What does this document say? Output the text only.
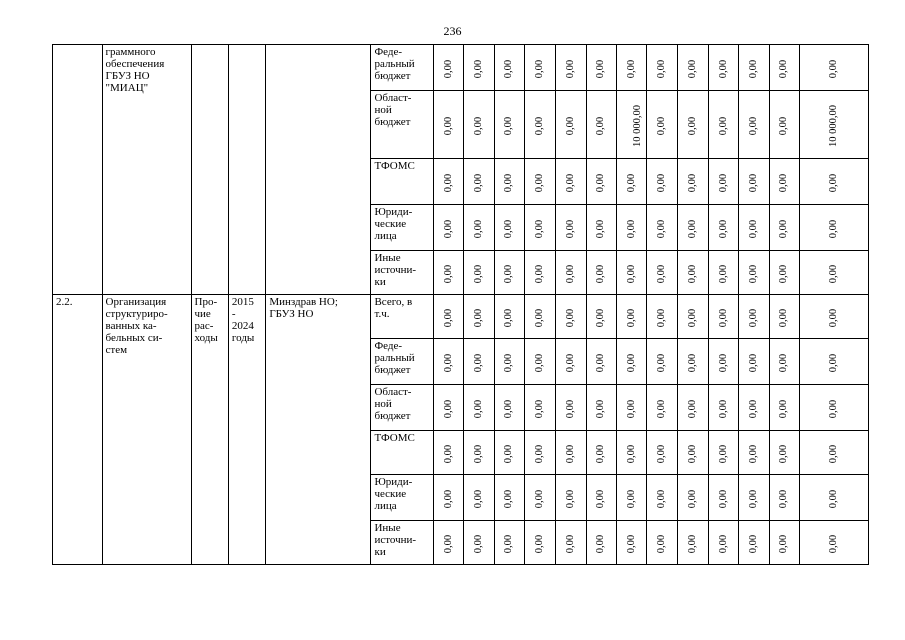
236
	граммного
обеспечения
ГБУЗ НО
"МИАЦ"				Феде-
ральный
бюджет	0,00	0,00	0,00	0,00	0,00	0,00	0,00	0,00	0,00	0,00	0,00	0,00	0,00
					Област-
ной
бюджет	0,00	0,00	0,00	0,00	0,00	0,00	10 000,00	0,00	0,00	0,00	0,00	0,00	10 000,00
					ТФОМС	0,00	0,00	0,00	0,00	0,00	0,00	0,00	0,00	0,00	0,00	0,00	0,00	0,00
					Юриди-
ческие
лица	0,00	0,00	0,00	0,00	0,00	0,00	0,00	0,00	0,00	0,00	0,00	0,00	0,00
					Иные
источни-
ки	0,00	0,00	0,00	0,00	0,00	0,00	0,00	0,00	0,00	0,00	0,00	0,00	0,00
2.2.	Организация
структуриро-
ванных ка-
бельных си-
стем	Про-
чие
рас-
ходы	2015
-
2024
годы	Минздрав НО;
ГБУЗ НО	Всего, в
т.ч.	0,00	0,00	0,00	0,00	0,00	0,00	0,00	0,00	0,00	0,00	0,00	0,00	0,00
					Феде-
ральный
бюджет	0,00	0,00	0,00	0,00	0,00	0,00	0,00	0,00	0,00	0,00	0,00	0,00	0,00
					Област-
ной
бюджет	0,00	0,00	0,00	0,00	0,00	0,00	0,00	0,00	0,00	0,00	0,00	0,00	0,00
					ТФОМС	0,00	0,00	0,00	0,00	0,00	0,00	0,00	0,00	0,00	0,00	0,00	0,00	0,00
					Юриди-
ческие
лица	0,00	0,00	0,00	0,00	0,00	0,00	0,00	0,00	0,00	0,00	0,00	0,00	0,00
					Иные
источни-
ки	0,00	0,00	0,00	0,00	0,00	0,00	0,00	0,00	0,00	0,00	0,00	0,00	0,00
